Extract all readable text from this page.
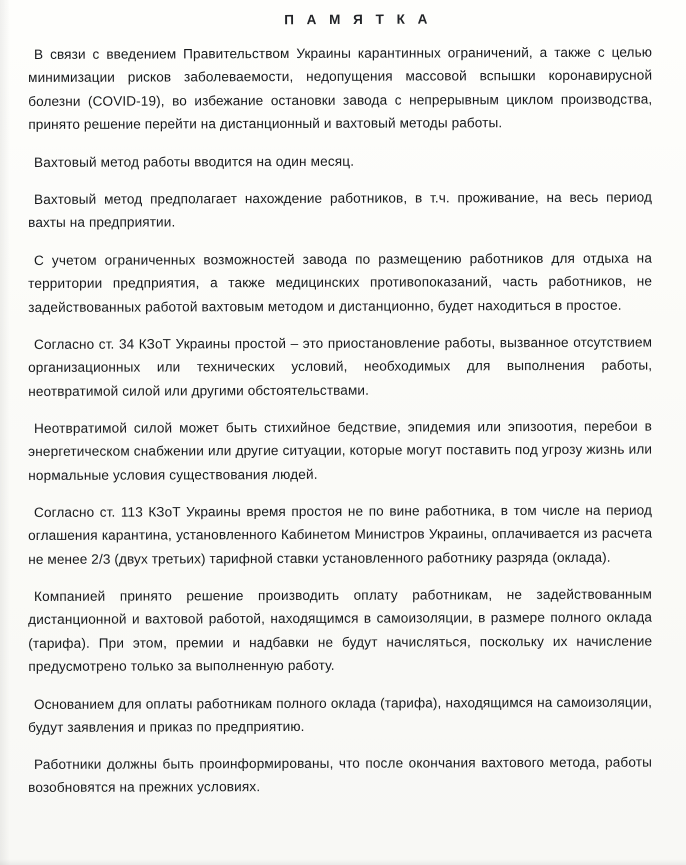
П А М Я Т К А

В связи с введением Правительством Украины карантинных ограничений, а также с целью минимизации рисков заболеваемости, недопущения массовой вспышки коронавирусной болезни (COVID-19), во избежание остановки завода с непрерывным циклом производства, принято решение перейти на дистанционный и вахтовый методы работы.

Вахтовый метод работы вводится на один месяц.

Вахтовый метод предполагает нахождение работников, в т.ч. проживание, на весь период вахты на предприятии.

С учетом ограниченных возможностей завода по размещению работников для отдыха на территории предприятия, а также медицинских противопоказаний, часть работников, не задействованных работой вахтовым методом и дистанционно, будет находиться в простое.

Согласно ст. 34 КЗоТ Украины простой – это приостановление работы, вызванное отсутствием организационных или технических условий, необходимых для выполнения работы, неотвратимой силой или другими обстоятельствами.

Неотвратимой силой может быть стихийное бедствие, эпидемия или эпизоотия, перебои в энергетическом снабжении или другие ситуации, которые могут поставить под угрозу жизнь или нормальные условия существования людей.

Согласно ст. 113 КЗоТ Украины время простоя не по вине работника, в том числе на период оглашения карантина, установленного Кабинетом Министров Украины, оплачивается из расчета не менее 2/3 (двух третьих) тарифной ставки установленного работнику разряда (оклада).

Компанией принято решение производить оплату работникам, не задействованным дистанционной и вахтовой работой, находящимся в самоизоляции, в размере полного оклада (тарифа). При этом, премии и надбавки не будут начисляться, поскольку их начисление предусмотрено только за выполненную работу.

Основанием для оплаты работникам полного оклада (тарифа), находящимся на самоизоляции, будут заявления и приказ по предприятию.

Работники должны быть проинформированы, что после окончания вахтового метода, работы возобновятся на прежних условиях.
